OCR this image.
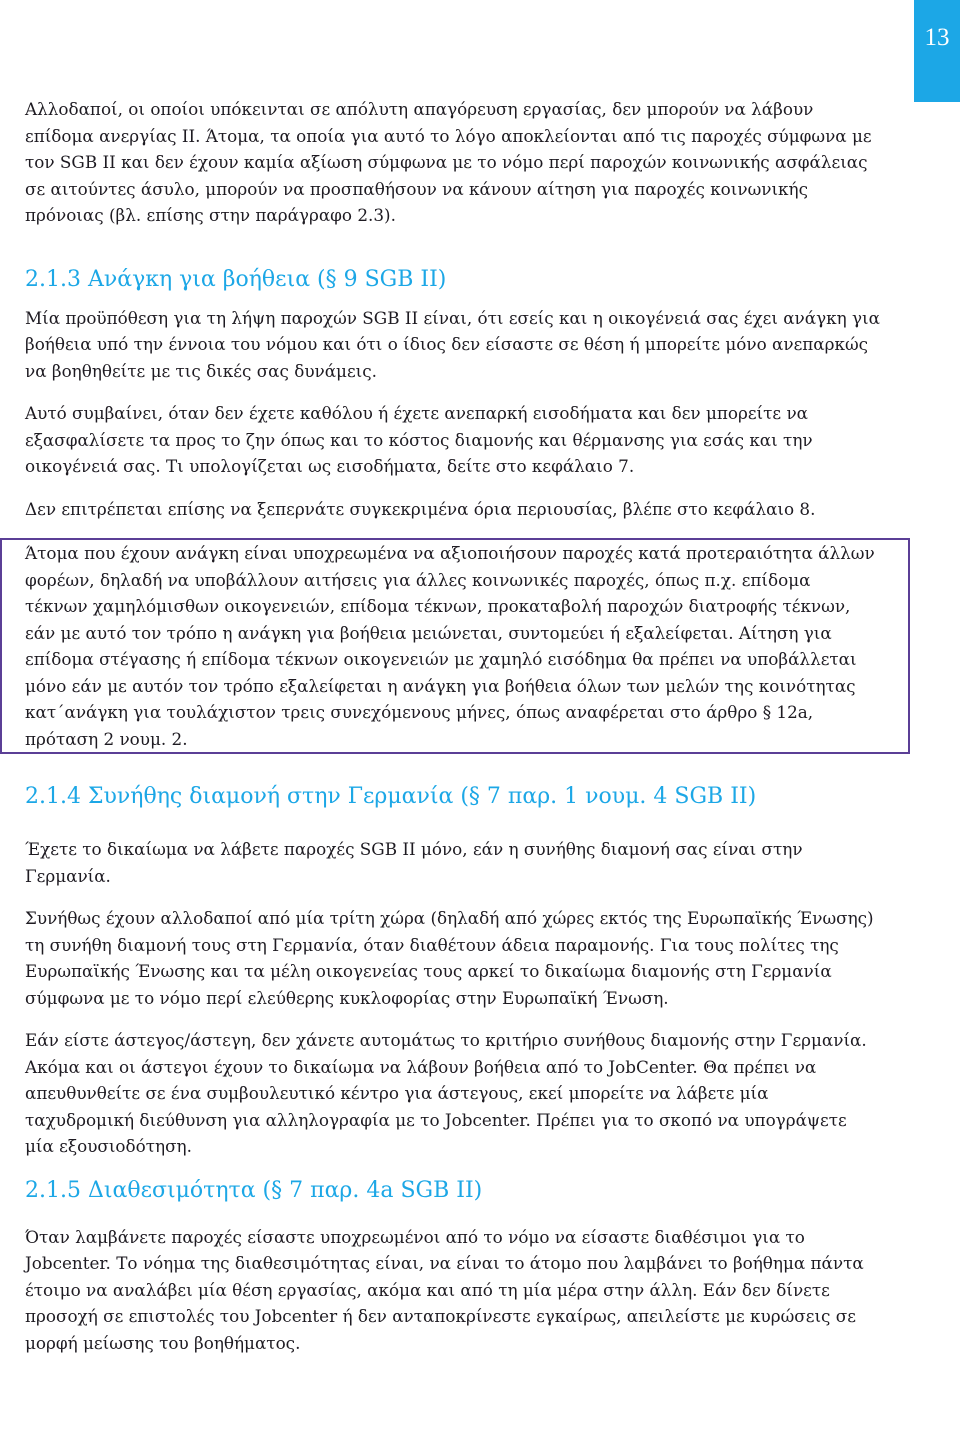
13

Αλλοδαποί, οι οποίοι υπόκεινται σε απόλυτη απαγόρευση εργασίας, δεν μπορούν να λάβουν επίδομα ανεργίας II. Άτομα, τα οποία για αυτό το λόγο αποκλείονται από τις παροχές σύμφωνα με τον SGB II και δεν έχουν καμία αξίωση σύμφωνα με το νόμο περί παροχών κοινωνικής ασφάλειας σε αιτούντες άσυλο, μπορούν να προσπαθήσουν να κάνουν αίτηση για παροχές κοινωνικής πρόνοιας (βλ. επίσης στην παράγραφο 2.3).

2.1.3 Ανάγκη για βοήθεια (§ 9 SGB II)

Μία προϋπόθεση για τη λήψη παροχών SGB II είναι, ότι εσείς και η οικογένειά σας έχει ανάγκη για βοήθεια υπό την έννοια του νόμου και ότι ο ίδιος δεν είσαστε σε θέση ή μπορείτε μόνο ανεπαρκώς να βοηθηθείτε με τις δικές σας δυνάμεις.

Αυτό συμβαίνει, όταν δεν έχετε καθόλου ή έχετε ανεπαρκή εισοδήματα και δεν μπορείτε να εξασφαλίσετε τα προς το ζην όπως και το κόστος διαμονής και θέρμανσης για εσάς και την οικογένειά σας. Τι υπολογίζεται ως εισοδήματα, δείτε στο κεφάλαιο 7.

Δεν επιτρέπεται επίσης να ξεπερνάτε συγκεκριμένα όρια περιουσίας, βλέπε στο κεφάλαιο 8.

Άτομα που έχουν ανάγκη είναι υποχρεωμένα να αξιοποιήσουν παροχές κατά προτεραιότητα άλλων φορέων, δηλαδή να υποβάλλουν αιτήσεις για άλλες κοινωνικές παροχές, όπως π.χ. επίδομα τέκνων χαμηλόμισθων οικογενειών, επίδομα τέκνων, προκαταβολή παροχών διατροφής τέκνων, εάν με αυτό τον τρόπο η ανάγκη για βοήθεια μειώνεται, συντομεύει ή εξαλείφεται. Αίτηση για επίδομα στέγασης ή επίδομα τέκνων οικογενειών με χαμηλό εισόδημα θα πρέπει να υποβάλλεται μόνο εάν με αυτόν τον τρόπο εξαλείφεται η ανάγκη για βοήθεια όλων των μελών της κοινότητας κατ΄ανάγκη για τουλάχιστον τρεις συνεχόμενους μήνες, όπως αναφέρεται στο άρθρο § 12a, πρόταση 2 νουμ. 2.

2.1.4 Συνήθης διαμονή στην Γερμανία (§ 7 παρ. 1 νουμ. 4 SGB II)

Έχετε το δικαίωμα να λάβετε παροχές SGB II μόνο, εάν η συνήθης διαμονή σας είναι στην Γερμανία.

Συνήθως έχουν αλλοδαποί από μία τρίτη χώρα (δηλαδή από χώρες εκτός της Ευρωπαϊκής Ένωσης) τη συνήθη διαμονή τους στη Γερμανία, όταν διαθέτουν άδεια παραμονής. Για τους πολίτες της Ευρωπαϊκής Ένωσης και τα μέλη οικογενείας τους αρκεί το δικαίωμα διαμονής στη Γερμανία σύμφωνα με το νόμο περί ελεύθερης κυκλοφορίας στην Ευρωπαϊκή Ένωση.

Εάν είστε άστεγος/άστεγη, δεν χάνετε αυτομάτως το κριτήριο συνήθους διαμονής στην Γερμανία. Ακόμα και οι άστεγοι έχουν το δικαίωμα να λάβουν βοήθεια από το JobCenter. Θα πρέπει να απευθυνθείτε σε ένα συμβουλευτικό κέντρο για άστεγους, εκεί μπορείτε να λάβετε μία ταχυδρομική διεύθυνση για αλληλογραφία με το Jobcenter. Πρέπει για το σκοπό να υπογράψετε μία εξουσιοδότηση.

2.1.5 Διαθεσιμότητα (§ 7 παρ. 4a SGB II)

Όταν λαμβάνετε παροχές είσαστε υποχρεωμένοι από το νόμο να είσαστε διαθέσιμοι για το Jobcenter. Το νόημα της διαθεσιμότητας είναι, να είναι το άτομο που λαμβάνει το βοήθημα πάντα έτοιμο να αναλάβει μία θέση εργασίας, ακόμα και από τη μία μέρα στην άλλη. Εάν δεν δίνετε προσοχή σε επιστολές του Jobcenter ή δεν ανταποκρίνεστε εγκαίρως, απειλείστε με κυρώσεις σε μορφή μείωσης του βοηθήματος.
